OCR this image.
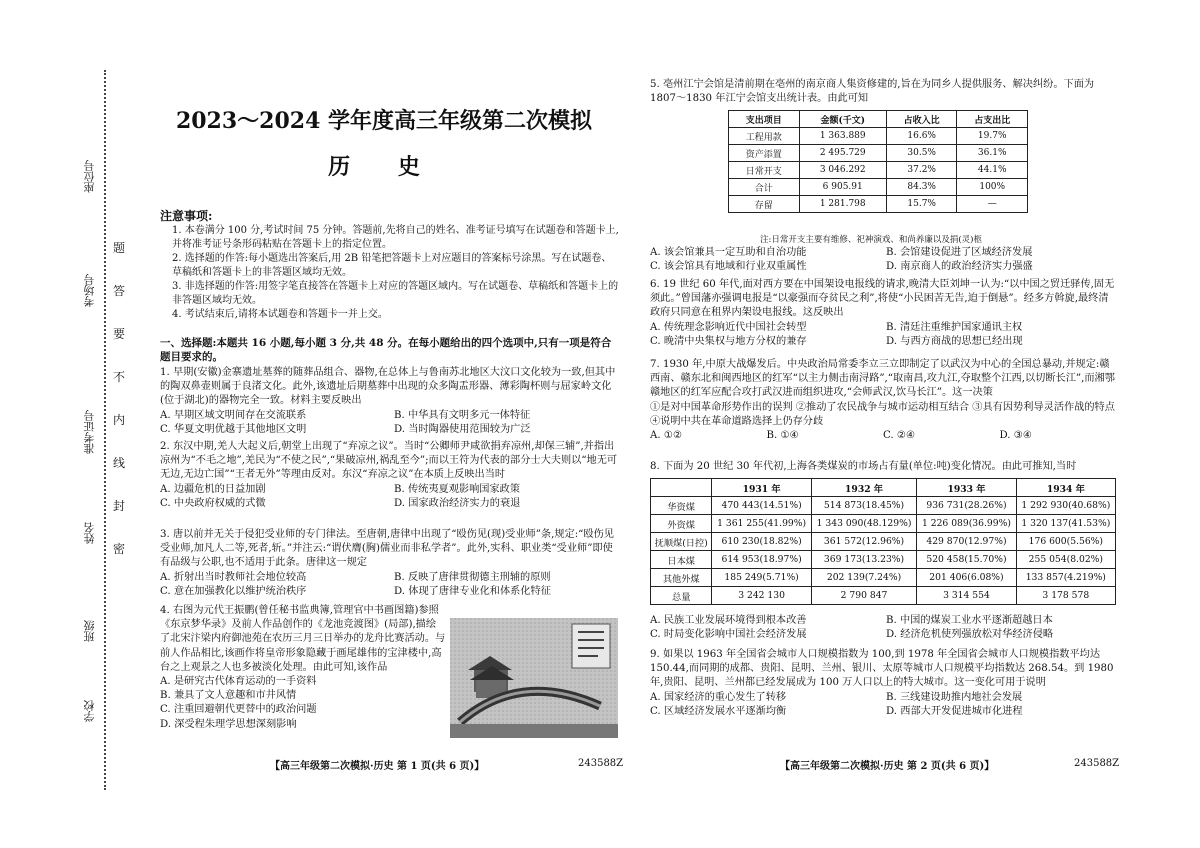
学校
班级
姓名
准考证号
考场号
座位号
密
封
线
内
不
要
答
题
2023～2024 学年度高三年级第二次模拟
历 史
注意事项:
1. 本卷满分 100 分,考试时间 75 分钟。答题前,先将自己的姓名、准考证号填写在试题卷和答题卡上,并将准考证号条形码粘贴在答题卡上的指定位置。
2. 选择题的作答:每小题选出答案后,用 2B 铅笔把答题卡上对应题目的答案标号涂黑。写在试题卷、草稿纸和答题卡上的非答题区域均无效。
3. 非选择题的作答:用签字笔直接答在答题卡上对应的答题区域内。写在试题卷、草稿纸和答题卡上的非答题区域均无效。
4. 考试结束后,请将本试题卷和答题卡一并上交。
一、选择题:本题共 16 小题,每小题 3 分,共 48 分。在每小题给出的四个选项中,只有一项是符合题目要求的。
1. 早期(安徽)金寨遗址墓葬的随葬品组合、器物,在总体上与鲁南苏北地区大汶口文化较为一致,但其中的陶双鼻壶则属于良渚文化。此外,该遗址后期墓葬中出现的众多陶盂形器、薄彩陶杯则与屈家岭文化(位于湖北)的器物完全一致。材料主要反映出
A. 早期区域文明间存在交流联系	B. 中华具有文明多元一体特征
C. 华夏文明优越于其他地区文明	D. 当时陶器使用范围较为广泛
2. 东汉中期,羌人大起义后,朝堂上出现了“弃凉之议”。当时“公卿师尹咸欲捐弃凉州,却保三辅”,并指出凉州为“不毛之地”,羌民为“不使之民”,“果破凉州,祸乱至今”;而以王符为代表的部分士大夫则以“地无可无边,无边亡国”“王者无外”等理由反对。东汉“弃凉之议”在本质上反映出当时
A. 边疆危机的日益加剧	B. 传统夷夏观影响国家政策
C. 中央政府权威的式微	D. 国家政治经济实力的衰退
3. 唐以前并无关于侵犯受业师的专门律法。至唐朝,唐律中出现了“殴伤见(现)受业师”条,规定:“殴伤见受业师,加凡人二等,死者,斩。”并注云:“谓伏膺(胸)儒业而非私学者”。此外,实科、职业类“受业师”即使有品级与公职,也不适用于此条。唐律这一规定
A. 折射出当时教师社会地位较高	B. 反映了唐律贯彻德主刑辅的原则
C. 意在加强教化以维护统治秩序	D. 体现了唐律专业化和体系化特征
4. 右图为元代王振鹏(曾任秘书监典簿,管理官中书画图籍)参照《东京梦华录》及前人作品创作的《龙池竞渡图》(局部),描绘了北宋汴梁内府御池苑在农历三月三日举办的龙舟比赛活动。与前人作品相比,该画作将皇帝形象隐藏于画尾雄伟的宝津楼中,高台之上观景之人也多被淡化处理。由此可知,该作品
A. 是研究古代体育运动的一手资料
B. 兼具了文人意趣和市井风情
C. 注重回避朝代更替中的政治问题
D. 深受程朱理学思想深刻影响
【高三年级第二次模拟·历史 第 1 页(共 6 页)】	243588Z
5. 亳州江宁会馆是清前期在亳州的南京商人集资修建的,旨在为同乡人提供服务、解决纠纷。下面为 1807～1830 年江宁会馆支出统计表。由此可知
支出项目	金额(千文)	占收入比	占支出比
工程用款	1 363.889	16.6%	19.7%
资产添置	2 495.729	30.5%	36.1%
日常开支	3 046.292	37.2%	44.1%
合计	6 905.91	84.3%	100%
存留	1 281.798	15.7%	—
注:日常开支主要有维修、祀神演戏、和尚养廉以及捐(灵)柩
A. 该会馆兼具一定互助和自治功能	B. 会馆建设促进了区域经济发展
C. 该会馆具有地域和行业双重属性	D. 南京商人的政治经济实力强盛
6. 19 世纪 60 年代,面对西方要在中国架设电报线的请求,晚清大臣刘坤一认为:“以中国之贸迁驿传,固无须此。”曾国藩亦强调电报是“以豪强而夺贫民之利”,将使“小民困苦无告,迫于倒悬”。经多方斡旋,最终清政府只同意在租界内架设电报线。这反映出
A. 传统理念影响近代中国社会转型	B. 清廷注重维护国家通讯主权
C. 晚清中央集权与地方分权的兼存	D. 与西方商战的思想已经出现
7. 1930 年,中原大战爆发后。中央政治局常委李立三立即制定了以武汉为中心的全国总暴动,并规定:赣西南、赣东北和闽西地区的红军“以主力侧击南浔路”,“取南昌,攻九江,夺取整个江西,以切断长江”,而湘鄂赣地区的红军应配合攻打武汉进而组织进攻,“会师武汉,饮马长江”。这一决策
①是对中国革命形势作出的误判 ②推动了农民战争与城市运动相互结合 ③具有因势利导灵活作战的特点 ④说明中共在革命道路选择上仍存分歧
A. ①②	B. ①④	C. ②④	D. ③④
8. 下面为 20 世纪 30 年代初,上海各类煤炭的市场占有量(单位:吨)变化情况。由此可推知,当时
	1931 年	1932 年	1933 年	1934 年
华资煤	470 443(14.51%)	514 873(18.45%)	936 731(28.26%)	1 292 930(40.68%)
外资煤	1 361 255(41.99%)	1 343 090(48.129%)	1 226 089(36.99%)	1 320 137(41.53%)
抚顺煤(日控)	610 230(18.82%)	361 572(12.96%)	429 870(12.97%)	176 600(5.56%)
日本煤	614 953(18.97%)	369 173(13.23%)	520 458(15.70%)	255 054(8.02%)
其他外煤	185 249(5.71%)	202 139(7.24%)	201 406(6.08%)	133 857(4.219%)
总量	3 242 130	2 790 847	3 314 554	3 178 578
A. 民族工业发展环境得到根本改善	B. 中国的煤炭工业水平逐渐超越日本
C. 时局变化影响中国社会经济发展	D. 经济危机使列强放松对华经济侵略
9. 如果以 1963 年全国省会城市人口规模指数为 100,到 1978 年全国省会城市人口规模指数平均达 150.44,而同期的成都、贵阳、昆明、兰州、银川、太原等城市人口规模平均指数达 268.54。到 1980 年,贵阳、昆明、兰州都已经发展成为 100 万人口以上的特大城市。这一变化可用于说明
A. 国家经济的重心发生了转移	B. 三线建设助推内地社会发展
C. 区域经济发展水平逐渐均衡	D. 西部大开发促进城市化进程
【高三年级第二次模拟·历史 第 2 页(共 6 页)】	243588Z
